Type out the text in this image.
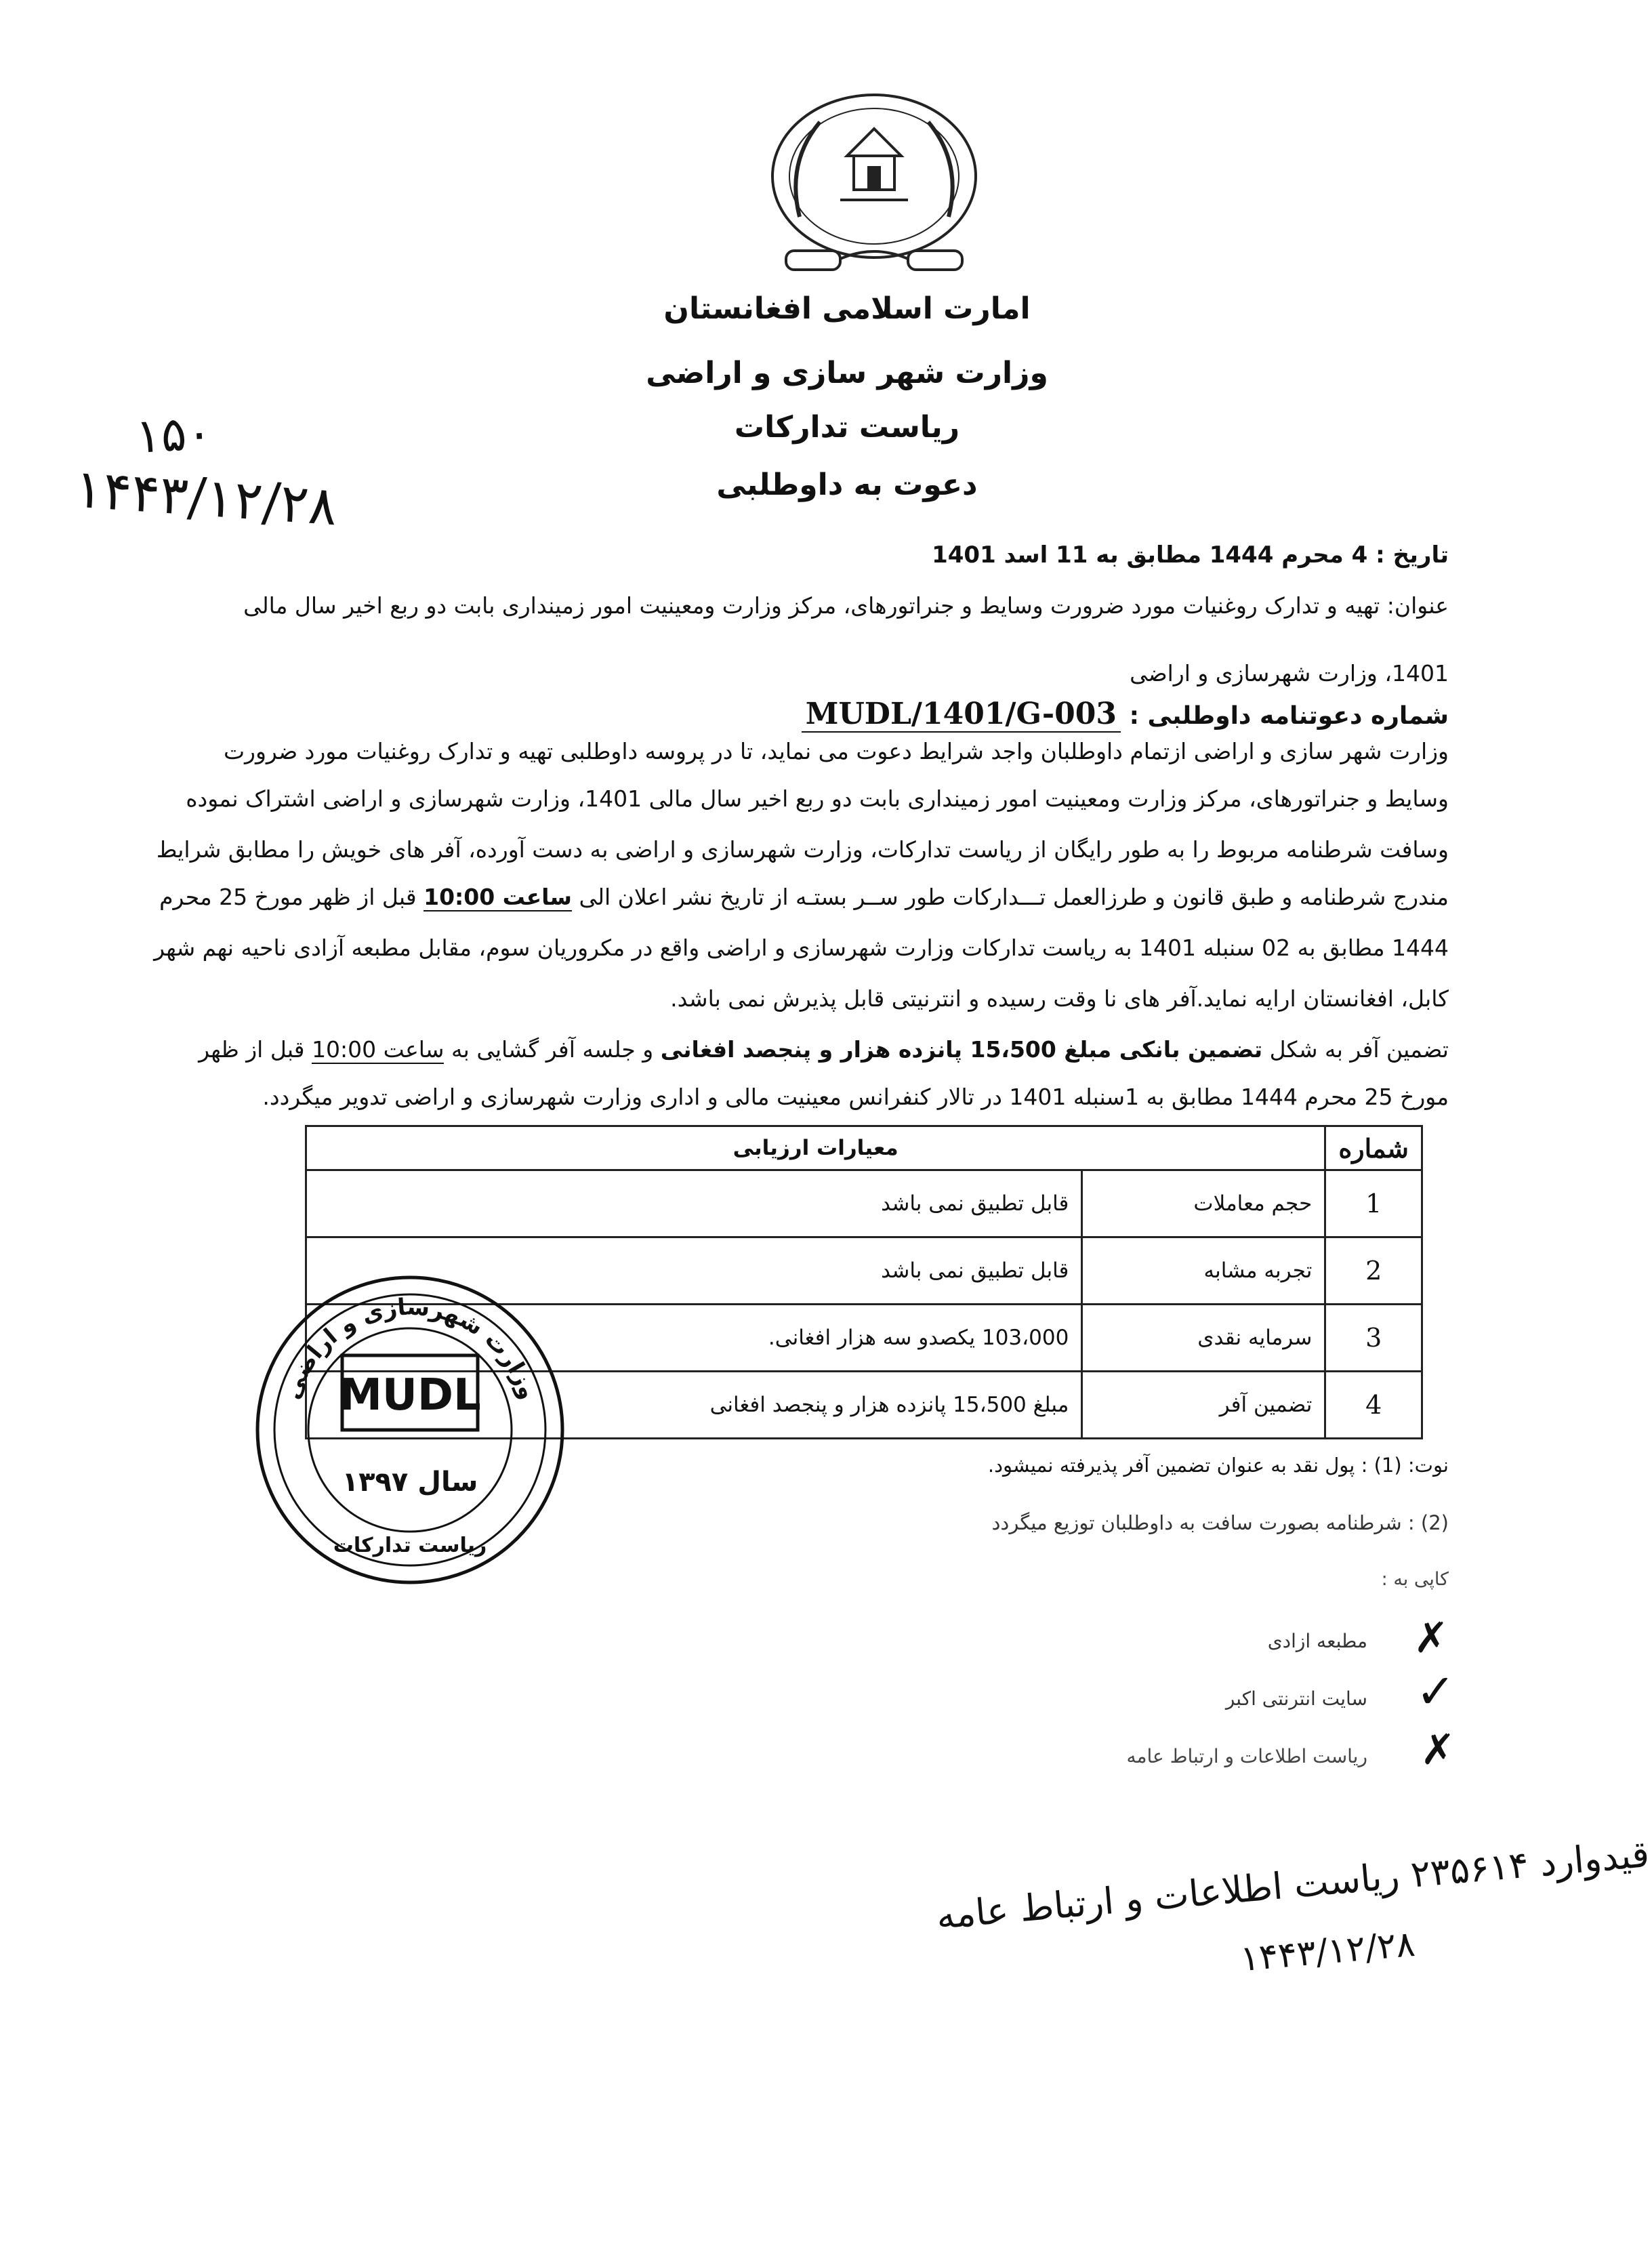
امارت اسلامی افغانستان
وزارت شهر سازی و اراضی
ریاست تدارکات
دعوت به داوطلبی
۱۵۰
۱۴۴۳/۱۲/۲۸
تاریخ : 4 محرم 1444 مطابق به 11 اسد 1401
عنوان: تهیه و تدارک روغنیات مورد ضرورت وسایط و جنراتورهای، مرکز وزارت ومعینیت امور زمینداری بابت دو ربع اخیر سال مالی
1401، وزارت شهرسازی و اراضی
شماره دعوتنامه داوطلبی : MUDL/1401/G-003
وزارت شهر سازی و اراضی ازتمام داوطلبان واجد شرایط دعوت می نماید، تا در پروسه داوطلبی تهیه و تدارک روغنیات مورد ضرورت
وسایط و جنراتورهای، مرکز وزارت ومعینیت امور زمینداری بابت دو ربع اخیر سال مالی 1401، وزارت شهرسازی و اراضی اشتراک نموده
وسافت شرطنامه مربوط را به طور رایگان از ریاست تدارکات، وزارت شهرسازی و اراضی به دست آورده، آفر های خویش را مطابق شرایط
مندرج شرطنامه و طبق قانون و طرزالعمل تـــدارکات طور ســر بستـه از تاریخ نشر اعلان الی ساعت 10:00 قبل از ظهر مورخ 25 محرم
1444 مطابق به 02 سنبله 1401 به ریاست تدارکات وزارت شهرسازی و اراضی واقع در مکروریان سوم، مقابل مطبعه آزادی ناحیه نهم شهر
کابل، افغانستان ارایه نماید.آفر های نا وقت رسیده و انترنیتی قابل پذیرش نمی باشد.
تضمین آفر به شکل تضمین بانکی مبلغ 15،500 پانزده هزار و پنجصد افغانی و جلسه آفر گشایی به ساعت 10:00 قبل از ظهر
مورخ 25 محرم 1444 مطابق به 1سنبله 1401 در تالار کنفرانس معینیت مالی و اداری وزارت شهرسازی و اراضی تدویر میگردد.
شماره	معیارات ارزیابی	
1	حجم معاملات	قابل تطبیق نمی باشد
2	تجربه مشابه	قابل تطبیق نمی باشد
3	سرمایه نقدی	103،000 یکصدو سه هزار افغانی.
4	تضمین آفر	مبلغ 15،500 پانزده هزار و پنجصد افغانی
وزارت شهرسازی و اراضی
MUDL
سال ۱۳۹۷
ریاست تدارکات
نوت: (1) : پول نقد به عنوان تضمین آفر پذیرفته نمیشود.
(2) : شرطنامه بصورت سافت به داوطلبان توزیع میگردد
کاپی به :
✗
مطبعه ازادی
✓
سایت انترنتی اکبر
✗
ریاست اطلاعات و ارتباط عامه
قیدوارد ۲۳۵۶۱۴ ریاست اطلاعات و ارتباط عامه
۱۴۴۳/۱۲/۲۸
